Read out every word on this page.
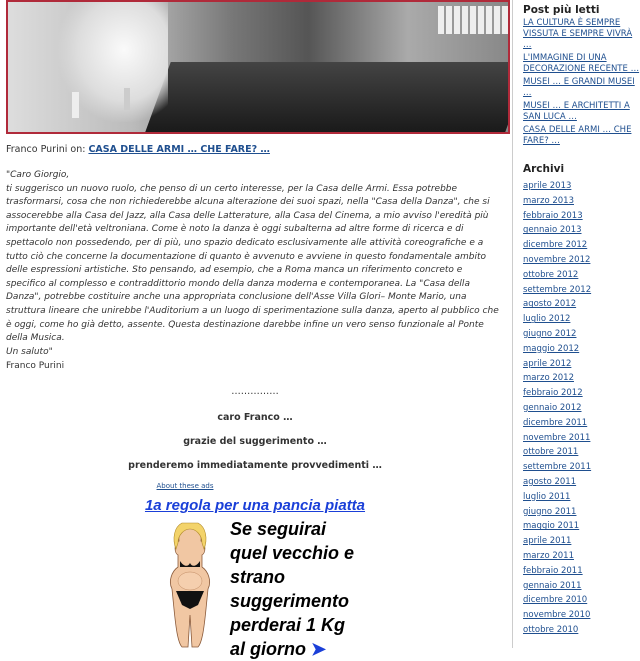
Franco Purini on: CASA DELLE ARMI … CHE FARE? …
"Caro Giorgio,
ti suggerisco un nuovo ruolo, che penso di un certo interesse, per la Casa delle Armi. Essa potrebbe trasformarsi, cosa che non richiederebbe alcuna alterazione dei suoi spazi, nella "Casa della Danza", che si assocerebbe alla Casa del Jazz, alla Casa delle Latterature, alla Casa del Cinema, a mio avviso l'eredità più importante dell'età veltroniana. Come è noto la danza è oggi subalterna ad altre forme di ricerca e di spettacolo non possedendo, per di più, uno spazio dedicato esclusivamente alle attività coreografiche e a tutto ciò che concerne la documentazione di quanto è avvenuto e avviene in questo fondamentale ambito delle espressioni artistiche. Sto pensando, ad esempio, che a Roma manca un riferimento concreto e specifico al complesso e contraddittorio mondo della danza moderna e contemporanea. La "Casa della Danza", potrebbe costituire anche una appropriata conclusione dell'Asse Villa Glori– Monte Mario, una struttura lineare che unirebbe l'Auditorium a un luogo di sperimentazione sulla danza, aperto al pubblico che è oggi, come ho già detto, assente. Questa destinazione darebbe infine un vero senso funzionale al Ponte della Musica.
Un saluto"
Franco Purini
……………
caro Franco …
grazie del suggerimento …
prenderemo immediatamente provvedimenti …
About these ads
1a regola per una pancia piatta
Se seguirai
quel vecchio e
strano
suggerimento
perderai 1 Kg
al giorno ➤
Post più letti
LA CULTURA È SEMPRE VISSUTA E SEMPRE VIVRÀ …
L'IMMAGINE DI UNA DECORAZIONE RECENTE …
MUSEI … E GRANDI MUSEI …
MUSEI … E ARCHITETTI A SAN LUCA …
CASA DELLE ARMI … CHE FARE? …
Archivi
aprile 2013
marzo 2013
febbraio 2013
gennaio 2013
dicembre 2012
novembre 2012
ottobre 2012
settembre 2012
agosto 2012
luglio 2012
giugno 2012
maggio 2012
aprile 2012
marzo 2012
febbraio 2012
gennaio 2012
dicembre 2011
novembre 2011
ottobre 2011
settembre 2011
agosto 2011
luglio 2011
giugno 2011
maggio 2011
aprile 2011
marzo 2011
febbraio 2011
gennaio 2011
dicembre 2010
novembre 2010
ottobre 2010
